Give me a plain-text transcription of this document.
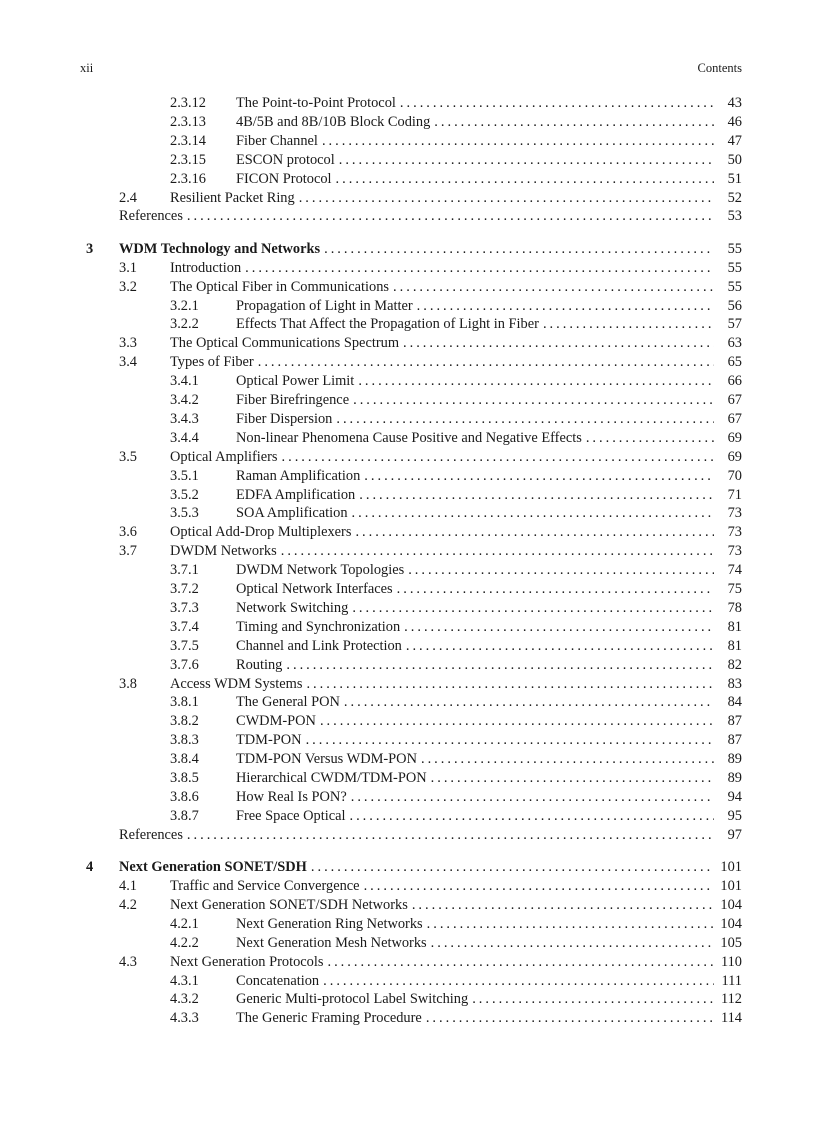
xii	Contents
2.3.12 The Point-to-Point Protocol . . .	43
2.3.13 4B/5B and 8B/10B Block Coding . . .	46
2.3.14 Fiber Channel . . .	47
2.3.15 ESCON protocol . . .	50
2.3.16 FICON Protocol . . .	51
2.4 Resilient Packet Ring . . .	52
References . . .	53
3 WDM Technology and Networks . . .	55
3.1 Introduction . . .	55
3.2 The Optical Fiber in Communications . . .	55
3.2.1	Propagation of Light in Matter . . .	56
3.2.2	Effects That Affect the Propagation of Light in Fiber . . .	57
3.3 The Optical Communications Spectrum . . .	63
3.4 Types of Fiber . . .	65
3.4.1	Optical Power Limit . . .	66
3.4.2	Fiber Birefringence . . .	67
3.4.3	Fiber Dispersion . . .	67
3.4.4	Non-linear Phenomena Cause Positive and Negative Effects . . .	69
3.5 Optical Amplifiers . . .	69
3.5.1	Raman Amplification . . .	70
3.5.2	EDFA Amplification . . .	71
3.5.3	SOA Amplification . . .	73
3.6 Optical Add-Drop Multiplexers . . .	73
3.7 DWDM Networks . . .	73
3.7.1	DWDM Network Topologies . . .	74
3.7.2	Optical Network Interfaces . . .	75
3.7.3	Network Switching . . .	78
3.7.4	Timing and Synchronization . . .	81
3.7.5	Channel and Link Protection . . .	81
3.7.6	Routing . . .	82
3.8 Access WDM Systems . . .	83
3.8.1	The General PON . . .	84
3.8.2	CWDM-PON . . .	87
3.8.3	TDM-PON . . .	87
3.8.4	TDM-PON Versus WDM-PON . . .	89
3.8.5	Hierarchical CWDM/TDM-PON . . .	89
3.8.6	How Real Is PON? . . .	94
3.8.7	Free Space Optical . . .	95
References . . .	97
4 Next Generation SONET/SDH . . .	101
4.1 Traffic and Service Convergence . . .	101
4.2 Next Generation SONET/SDH Networks . . .	104
4.2.1	Next Generation Ring Networks . . .	104
4.2.2	Next Generation Mesh Networks . . .	105
4.3 Next Generation Protocols . . .	110
4.3.1	Concatenation . . .	111
4.3.2	Generic Multi-protocol Label Switching . . .	112
4.3.3	The Generic Framing Procedure . . .	114
